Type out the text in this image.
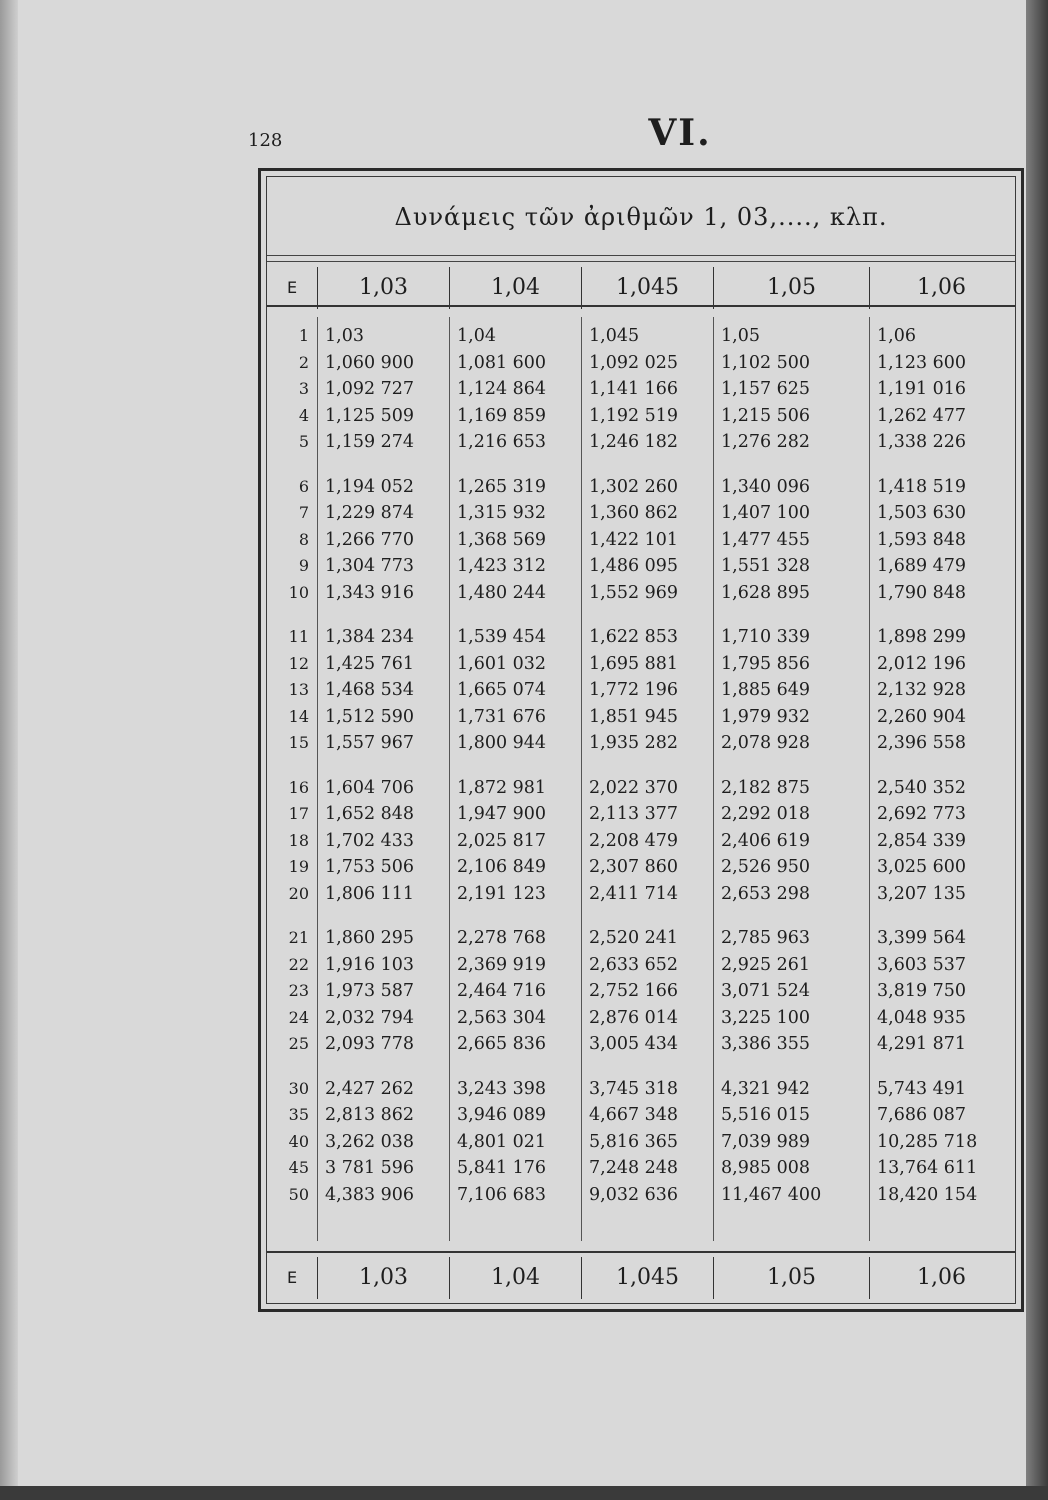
128	VI.
Δυνάμεις τῶν ἀριθμῶν 1, 03,...., κλπ.
E	1,03	1,04	1,045	1,05	1,06
1 1,03	1,04	1,045	1,05	1,06
2 1,060 900	1,081 600	1,092 025	1,102 500	1,123 600
3 1,092 727	1,124 864	1,141 166	1,157 625	1,191 016
4 1,125 509	1,169 859	1,192 519	1,215 506	1,262 477
5 1,159 274	1,216 653	1,246 182	1,276 282	1,338 226
6 1,194 052	1,265 319	1,302 260	1,340 096	1,418 519
7 1,229 874	1,315 932	1,360 862	1,407 100	1,503 630
8 1,266 770	1,368 569	1,422 101	1,477 455	1,593 848
9 1,304 773	1,423 312	1,486 095	1,551 328	1,689 479
10 1,343 916	1,480 244	1,552 969	1,628 895	1,790 848
11 1,384 234	1,539 454	1,622 853	1,710 339	1,898 299
12 1,425 761	1,601 032	1,695 881	1,795 856	2,012 196
13 1,468 534	1,665 074	1,772 196	1,885 649	2,132 928
14 1,512 590	1,731 676	1,851 945	1,979 932	2,260 904
15 1,557 967	1,800 944	1,935 282	2,078 928	2,396 558
16 1,604 706	1,872 981	2,022 370	2,182 875	2,540 352
17 1,652 848	1,947 900	2,113 377	2,292 018	2,692 773
18 1,702 433	2,025 817	2,208 479	2,406 619	2,854 339
19 1,753 506	2,106 849	2,307 860	2,526 950	3,025 600
20 1,806 111	2,191 123	2,411 714	2,653 298	3,207 135
21 1,860 295	2,278 768	2,520 241	2,785 963	3,399 564
22 1,916 103	2,369 919	2,633 652	2,925 261	3,603 537
23 1,973 587	2,464 716	2,752 166	3,071 524	3,819 750
24 2,032 794	2,563 304	2,876 014	3,225 100	4,048 935
25 2,093 778	2,665 836	3,005 434	3,386 355	4,291 871
30 2,427 262	3,243 398	3,745 318	4,321 942	5,743 491
35 2,813 862	3,946 089	4,667 348	5,516 015	7,686 087
40 3,262 038	4,801 021	5,816 365	7,039 989	10,285 718
45 3 781 596	5,841 176	7,248 248	8,985 008	13,764 611
50 4,383 906	7,106 683	9,032 636	11,467 400	18,420 154
E	1,03	1,04	1,045	1,05	1,06
